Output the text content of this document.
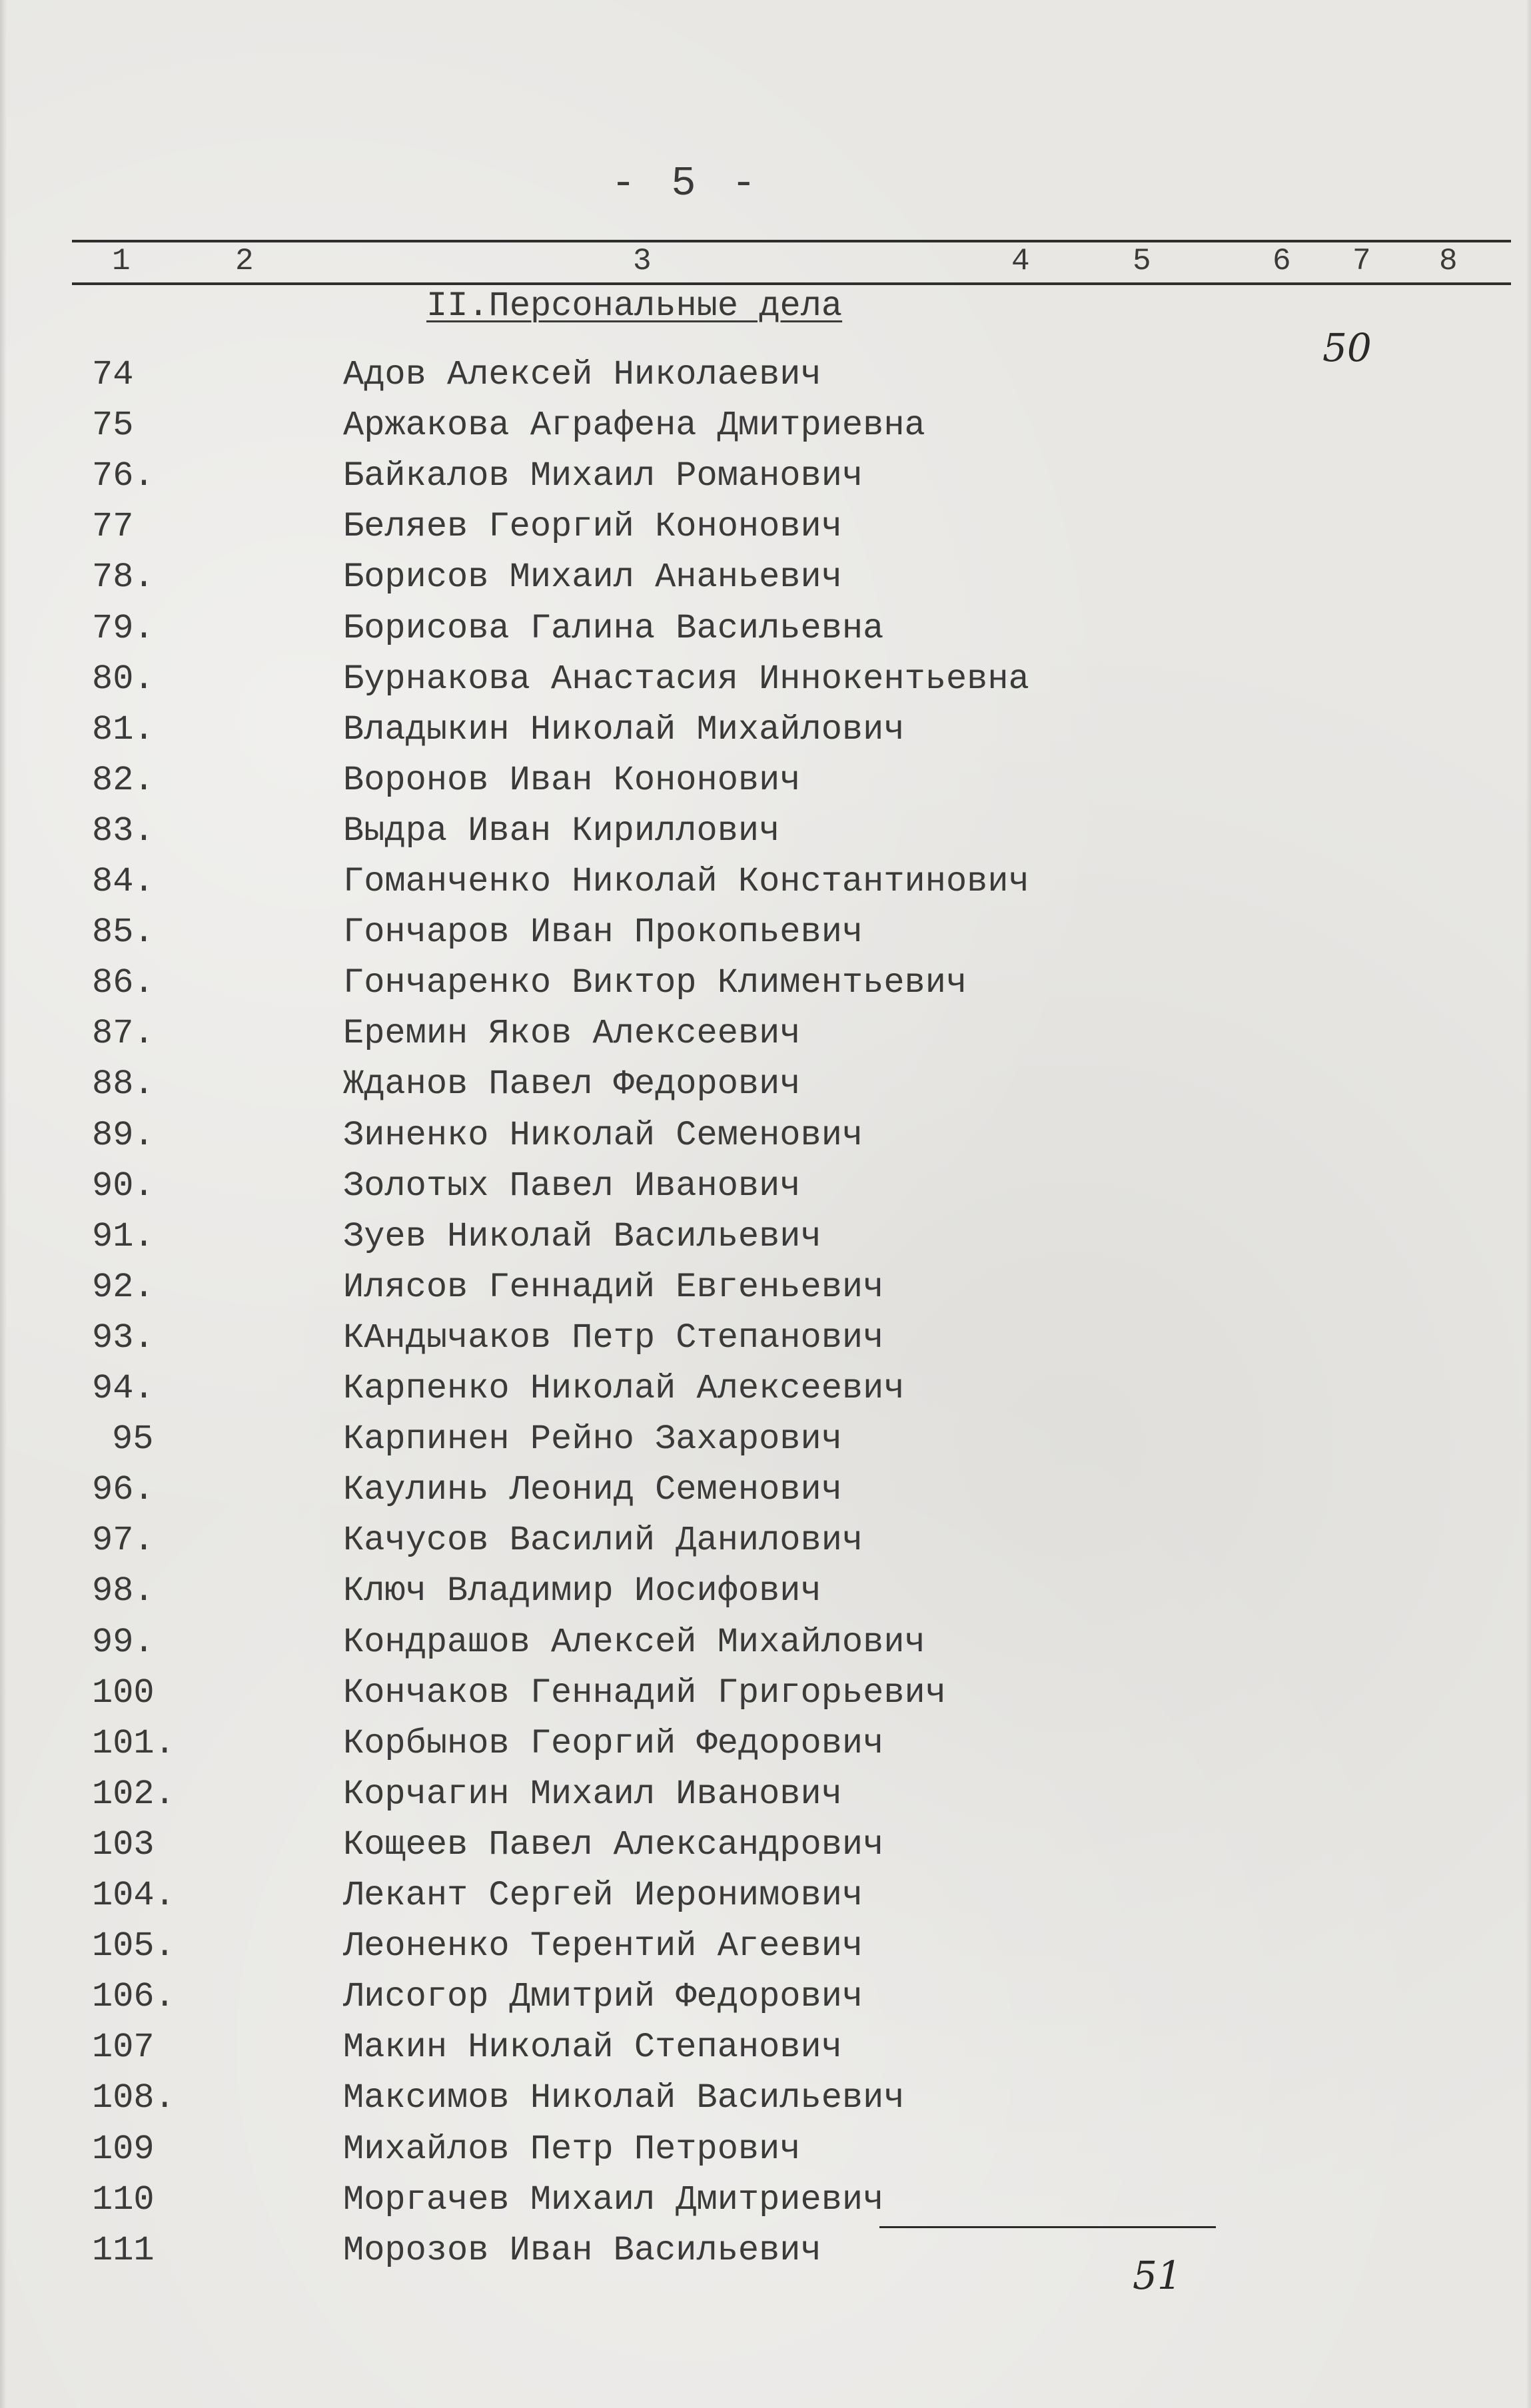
- 5 -
1	2	3	4	5	6 7 8
II.Персональные дела
50
51
74	Адов Алексей Николаевич
75	Аржакова Аграфена Дмитриевна
76.	Байкалов Михаил Романович
77	Беляев Георгий Кононович
78.	Борисов Михаил Ананьевич
79.	Борисова Галина Васильевна
80.	Бурнакова Анастасия Иннокентьевна
81.	Владыкин Николай Михайлович
82.	Воронов Иван Кононович
83.	Выдра Иван Кириллович
84.	Гоманченко Николай Константинович
85.	Гончаров Иван Прокопьевич
86.	Гончаренко Виктор Климентьевич
87.	Еремин Яков Алексеевич
88.	Жданов Павел Федорович
89.	Зиненко Николай Семенович
90.	Золотых Павел Иванович
91.	Зуев Николай Васильевич
92.	Илясов Геннадий Евгеньевич
93.	КАндычаков Петр Степанович
94.	Карпенко Николай Алексеевич
95	Карпинен Рейно Захарович
96.	Каулинь Леонид Семенович
97.	Качусов Василий Данилович
98.	Ключ Владимир Иосифович
99.	Кондрашов Алексей Михайлович
100	Кончаков Геннадий Григорьевич
101.	Корбынов Георгий Федорович
102.	Корчагин Михаил Иванович
103	Кощеев Павел Александрович
104.	Лекант Сергей Иеронимович
105.	Леоненко Терентий Агеевич
106.	Лисогор Дмитрий Федорович
107	Макин Николай Степанович
108.	Максимов Николай Васильевич
109	Михайлов Петр Петрович
110	Моргачев Михаил Дмитриевич
111	Морозов Иван Васильевич
